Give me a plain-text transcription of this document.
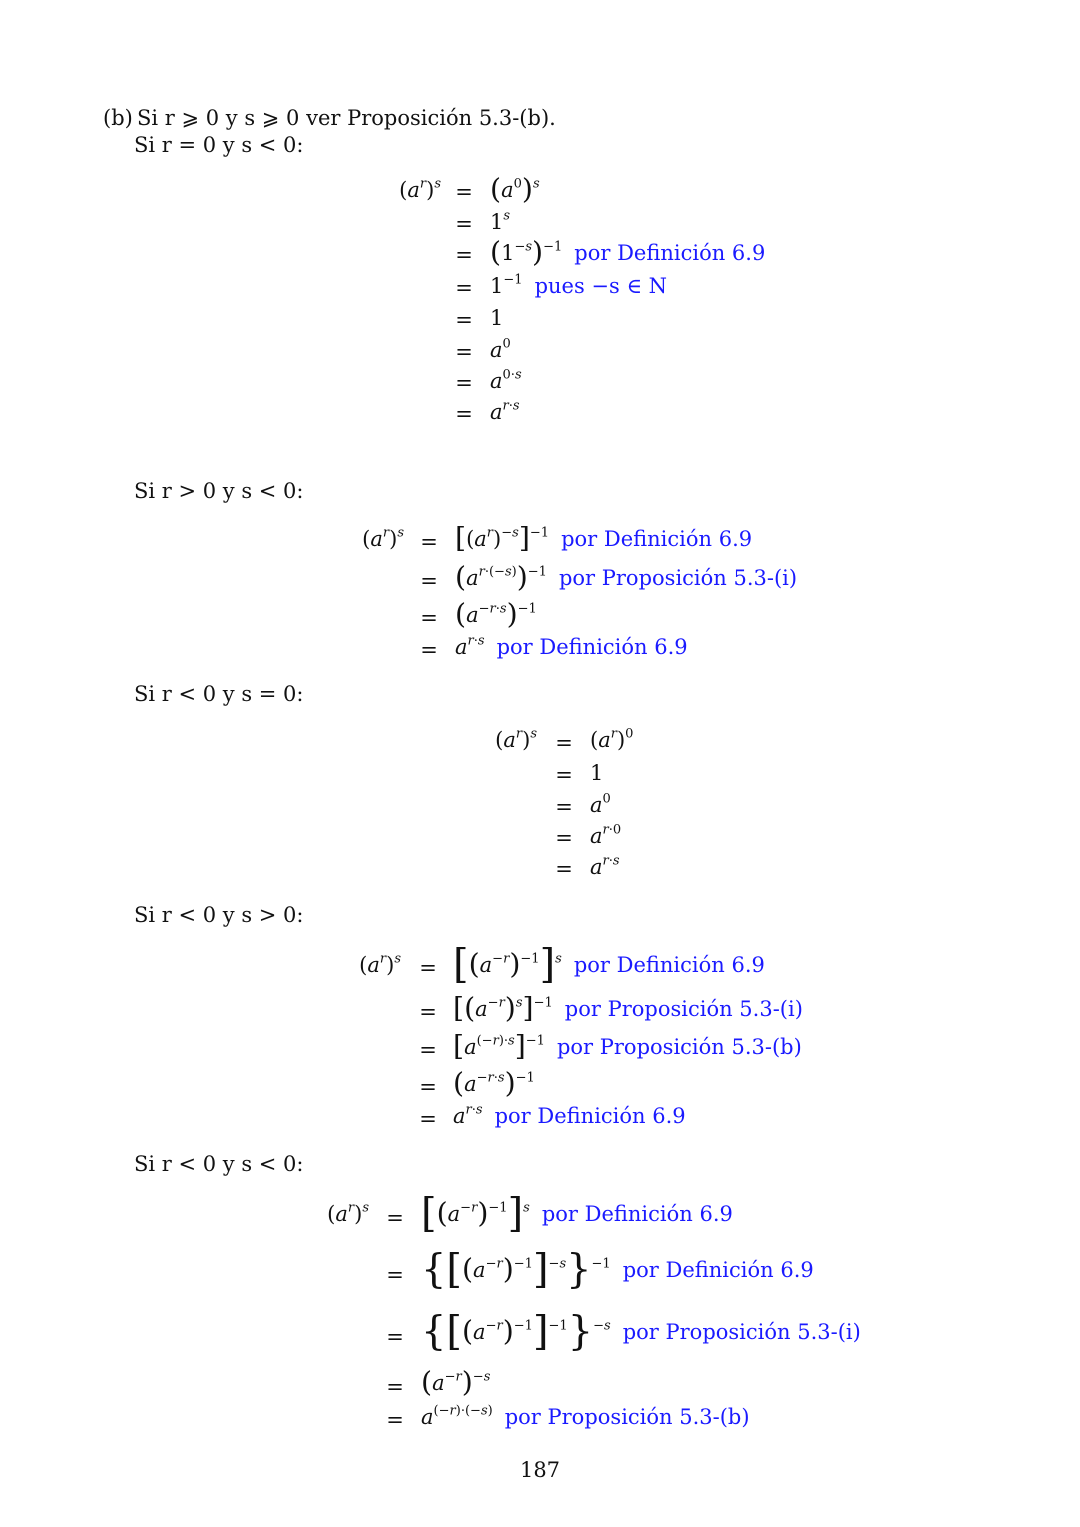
(b) Si r ⩾ 0 y s ⩾ 0 ver Proposición 5.3-(b).
Si r = 0 y s < 0:
$(a^r)^s = (a^0)^s$
= $1^s$
= $(1^{-s})^{-1}$ por Definición 6.9
= $1^{-1}$ pues −s ∈ N
= 1
= $a^0$
= $a^{0\cdot s}$
= $a^{r\cdot s}$
Si r > 0 y s < 0:
$(a^r)^s = [(a^r)^{-s}]^{-1}$ por Definición 6.9
= $(a^{r\cdot(-s)})^{-1}$ por Proposición 5.3-(i)
= $(a^{-r\cdot s})^{-1}$
= $a^{r\cdot s}$ por Definición 6.9
Si r < 0 y s = 0:
$(a^r)^s = (a^r)^0$
= 1
= $a^0$
= $a^{r\cdot 0}$
= $a^{r\cdot s}$
Si r < 0 y s > 0:
$(a^r)^s = [(a^{-r})^{-1}]^s$ por Definición 6.9
= $[(a^{-r})^s]^{-1}$ por Proposición 5.3-(i)
= $[a^{(-r)\cdot s}]^{-1}$ por Proposición 5.3-(b)
= $(a^{-r\cdot s})^{-1}$
= $a^{r\cdot s}$ por Definición 6.9
Si r < 0 y s < 0:
$(a^r)^s = [(a^{-r})^{-1}]^s$ por Definición 6.9
= $\{[(a^{-r})^{-1}]^{-s}\}^{-1}$ por Definición 6.9
= $\{[(a^{-r})^{-1}]^{-1}\}^{-s}$ por Proposición 5.3-(i)
= $(a^{-r})^{-s}$
= $a^{(-r)\cdot(-s)}$ por Proposición 5.3-(b)
187
